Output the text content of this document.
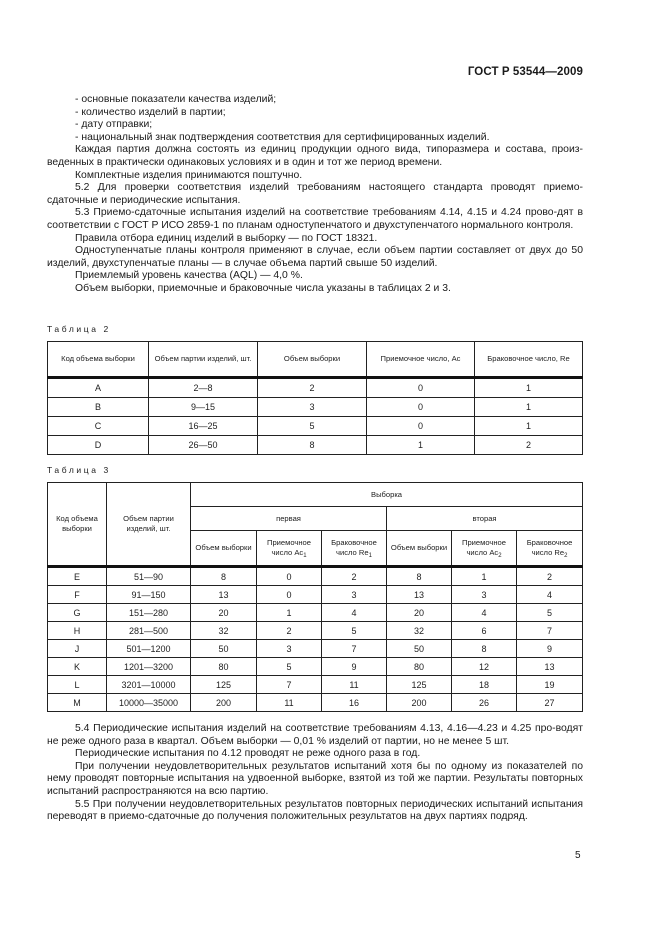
ГОСТ Р 53544—2009

- основные показатели качества изделий;

- количество изделий в партии;

- дату отправки;

- национальный знак подтверждения соответствия для сертифицированных изделий.

Каждая партия должна состоять из единиц продукции одного вида, типоразмера и состава, произ-веденных в практически одинаковых условиях и в один и тот же период времени.

Комплектные изделия принимаются поштучно.

5.2 Для проверки соответствия изделий требованиям настоящего стандарта проводят приемо-сдаточные и периодические испытания.

5.3 Приемо-сдаточные испытания изделий на соответствие требованиям 4.14, 4.15 и 4.24 прово-дят в соответствии с ГОСТ Р ИСО 2859-1 по планам одноступенчатого и двухступенчатого нормального контроля.

Правила отбора единиц изделий в выборку — по ГОСТ 18321.

Одноступенчатые планы контроля применяют в случае, если объем партии составляет от двух до 50 изделий, двухступенчатые планы — в случае объема партий свыше 50 изделий.

Приемлемый уровень качества (AQL) — 4,0 %.

Объем выборки, приемочные и браковочные числа указаны в таблицах 2 и 3.

Таблица 2
Код объема выборки	Объем партии изделий, шт.	Объем выборки	Приемочное число, Ac	Браковочное число, Re
A	2—8	2	0	1
B	9—15	3	0	1
C	16—25	5	0	1
D	26—50	8	1	2
Таблица 3
Код объема выборки	Объем партии изделий, шт.	Выборка					
		первая			вторая		
		Объем выборки	Приемочное число $Ac_1$	Браковочное число $Re_1$	Объем выборки	Приемочное число $Ac_2$	Браковочное число $Re_2$
E	51—90	8	0	2	8	1	2
F	91—150	13	0	3	13	3	4
G	151—280	20	1	4	20	4	5
H	281—500	32	2	5	32	6	7
J	501—1200	50	3	7	50	8	9
K	1201—3200	80	5	9	80	12	13
L	3201—10000	125	7	11	125	18	19
M	10000—35000	200	11	16	200	26	27

5.4 Периодические испытания изделий на соответствие требованиям 4.13, 4.16—4.23 и 4.25 про-водят не реже одного раза в квартал. Объем выборки — 0,01 % изделий от партии, но не менее 5 шт.

Периодические испытания по 4.12 проводят не реже одного раза в год.

При получении неудовлетворительных результатов испытаний хотя бы по одному из показателей по нему проводят повторные испытания на удвоенной выборке, взятой из той же партии. Результаты повторных испытаний распространяются на всю партию.

5.5 При получении неудовлетворительных результатов повторных периодических испытаний испытания переводят в приемо-сдаточные до получения положительных результатов на двух партиях подряд.

5
